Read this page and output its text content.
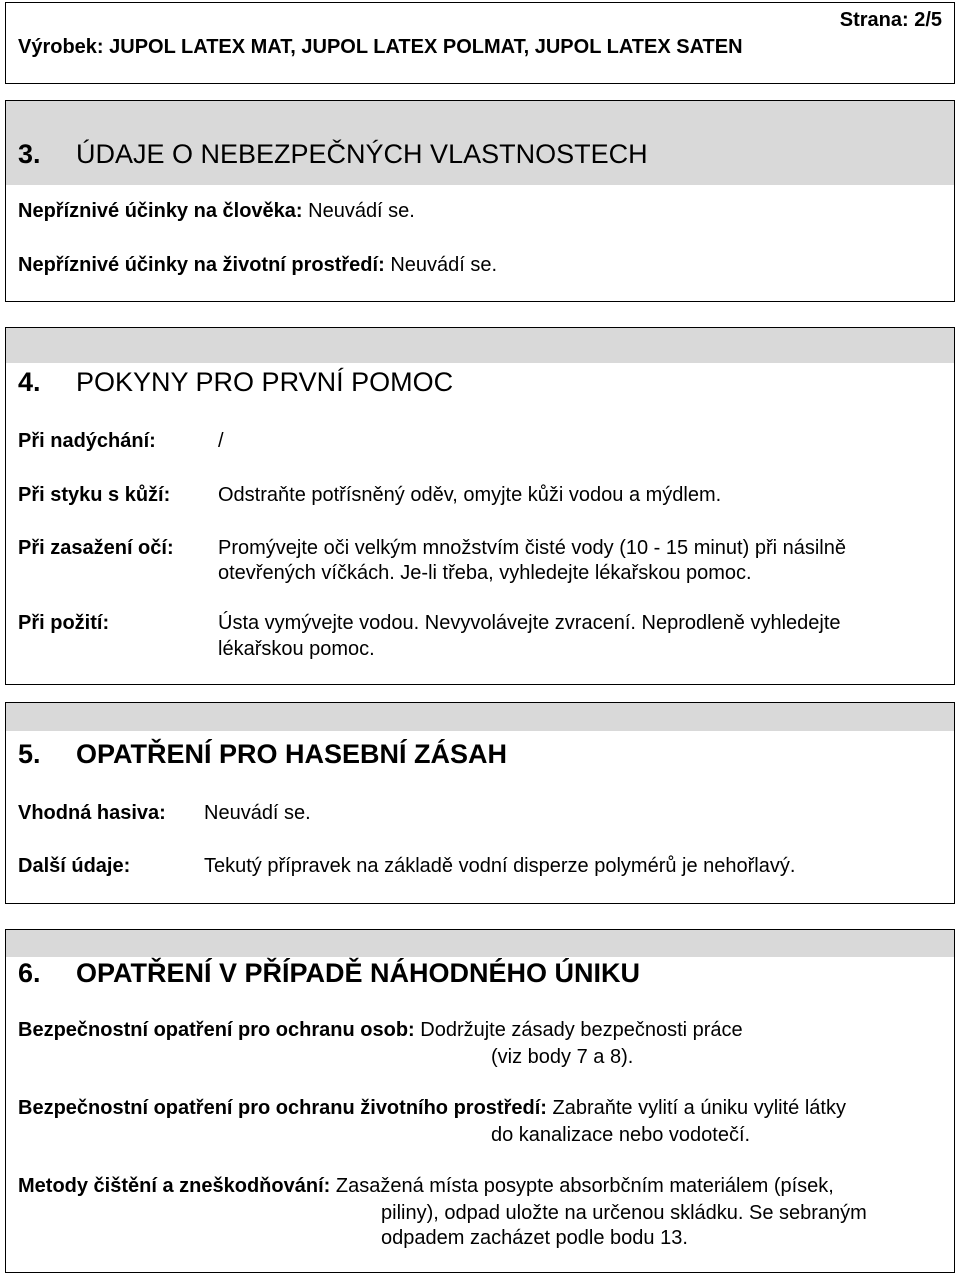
Strana: 2/5
Výrobek: JUPOL LATEX MAT, JUPOL LATEX POLMAT, JUPOL LATEX SATEN
3. ÚDAJE O NEBEZPEČNÝCH VLASTNOSTECH
Nepříznivé účinky na člověka: Neuvádí se.
Nepříznivé účinky na životní prostředí: Neuvádí se.
4. POKYNY PRO PRVNÍ POMOC
Při nadýchání:	/
Při styku s kůží: Odstraňte potřísněný oděv, omyjte kůži vodou a mýdlem.
Při zasažení očí: Promývejte oči velkým množstvím čisté vody (10 - 15 minut) při násilně
otevřených víčkách. Je-li třeba, vyhledejte lékařskou pomoc.
Při požití:	Ústa vymývejte vodou. Nevyvolávejte zvracení. Neprodleně vyhledejte
lékařskou pomoc.
5. OPATŘENÍ PRO HASEBNÍ ZÁSAH
Vhodná hasiva: Neuvádí se.
Další údaje:	Tekutý přípravek na základě vodní disperze polymérů je nehořlavý.
6. OPATŘENÍ V PŘÍPADĚ NÁHODNÉHO ÚNIKU
Bezpečnostní opatření pro ochranu osob: Dodržujte zásady bezpečnosti práce
(viz body 7 a 8).
Bezpečnostní opatření pro ochranu životního prostředí: Zabraňte vylití a úniku vylité látky
do kanalizace nebo vodotečí.
Metody čištění a zneškodňování: Zasažená místa posypte absorbčním materiálem (písek,
piliny), odpad uložte na určenou skládku. Se sebraným
odpadem zacházet podle bodu 13.
